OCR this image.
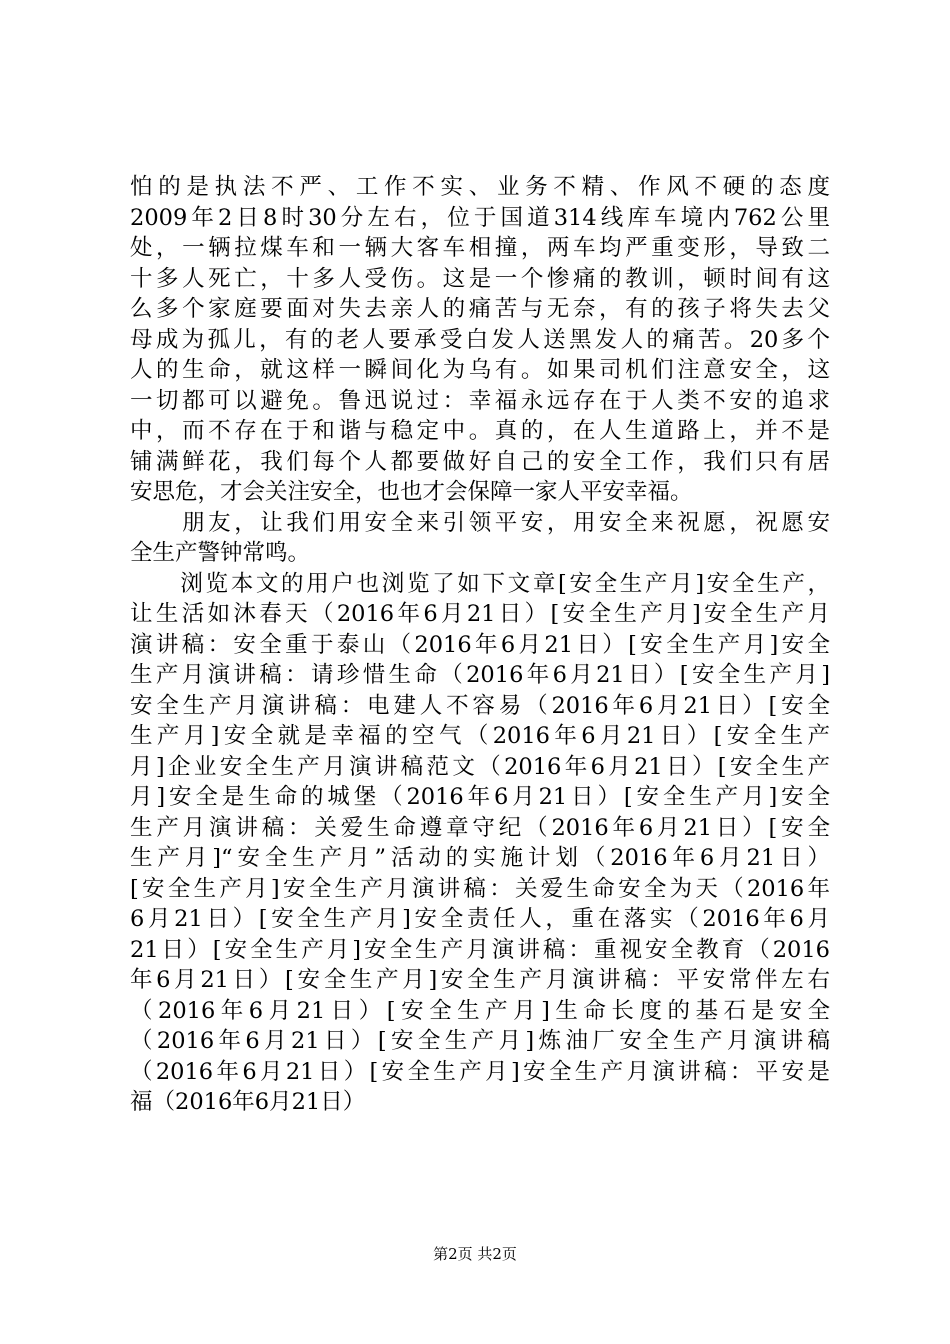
怕的是执法不严、工作不实、业务不精、作风不硬的态度
2009年2日8时30分左右，位于国道314线库车境内762公里
处，一辆拉煤车和一辆大客车相撞，两车均严重变形，导致二
十多人死亡，十多人受伤。这是一个惨痛的教训，顿时间有这
么多个家庭要面对失去亲人的痛苦与无奈，有的孩子将失去父
母成为孤儿，有的老人要承受白发人送黑发人的痛苦。20多个
人的生命，就这样一瞬间化为乌有。如果司机们注意安全，这
一切都可以避免。鲁迅说过：幸福永远存在于人类不安的追求
中，而不存在于和谐与稳定中。真的，在人生道路上，并不是
铺满鲜花，我们每个人都要做好自己的安全工作，我们只有居
安思危，才会关注安全，也也才会保障一家人平安幸福。
　　朋友，让我们用安全来引领平安，用安全来祝愿，祝愿安
全生产警钟常鸣。
　　浏览本文的用户也浏览了如下文章[安全生产月]安全生产，
让生活如沐春天（2016年6月21日）[安全生产月]安全生产月
演讲稿：安全重于泰山（2016年6月21日）[安全生产月]安全
生产月演讲稿：请珍惜生命（2016年6月21日）[安全生产月]
安全生产月演讲稿：电建人不容易（2016年6月21日）[安全
生产月]安全就是幸福的空气（2016年6月21日）[安全生产
月]企业安全生产月演讲稿范文（2016年6月21日）[安全生产
月]安全是生命的城堡（2016年6月21日）[安全生产月]安全
生产月演讲稿：关爱生命遵章守纪（2016年6月21日）[安全
生产月]“安全生产月”活动的实施计划（2016年6月21日）
[安全生产月]安全生产月演讲稿：关爱生命安全为天（2016年
6月21日）[安全生产月]安全责任人，重在落实（2016年6月
21日）[安全生产月]安全生产月演讲稿：重视安全教育（2016
年6月21日）[安全生产月]安全生产月演讲稿：平安常伴左右
（2016年6月21日）[安全生产月]生命长度的基石是安全
（2016年6月21日）[安全生产月]炼油厂安全生产月演讲稿
（2016年6月21日）[安全生产月]安全生产月演讲稿：平安是
福（2016年6月21日）
第2页 共2页
